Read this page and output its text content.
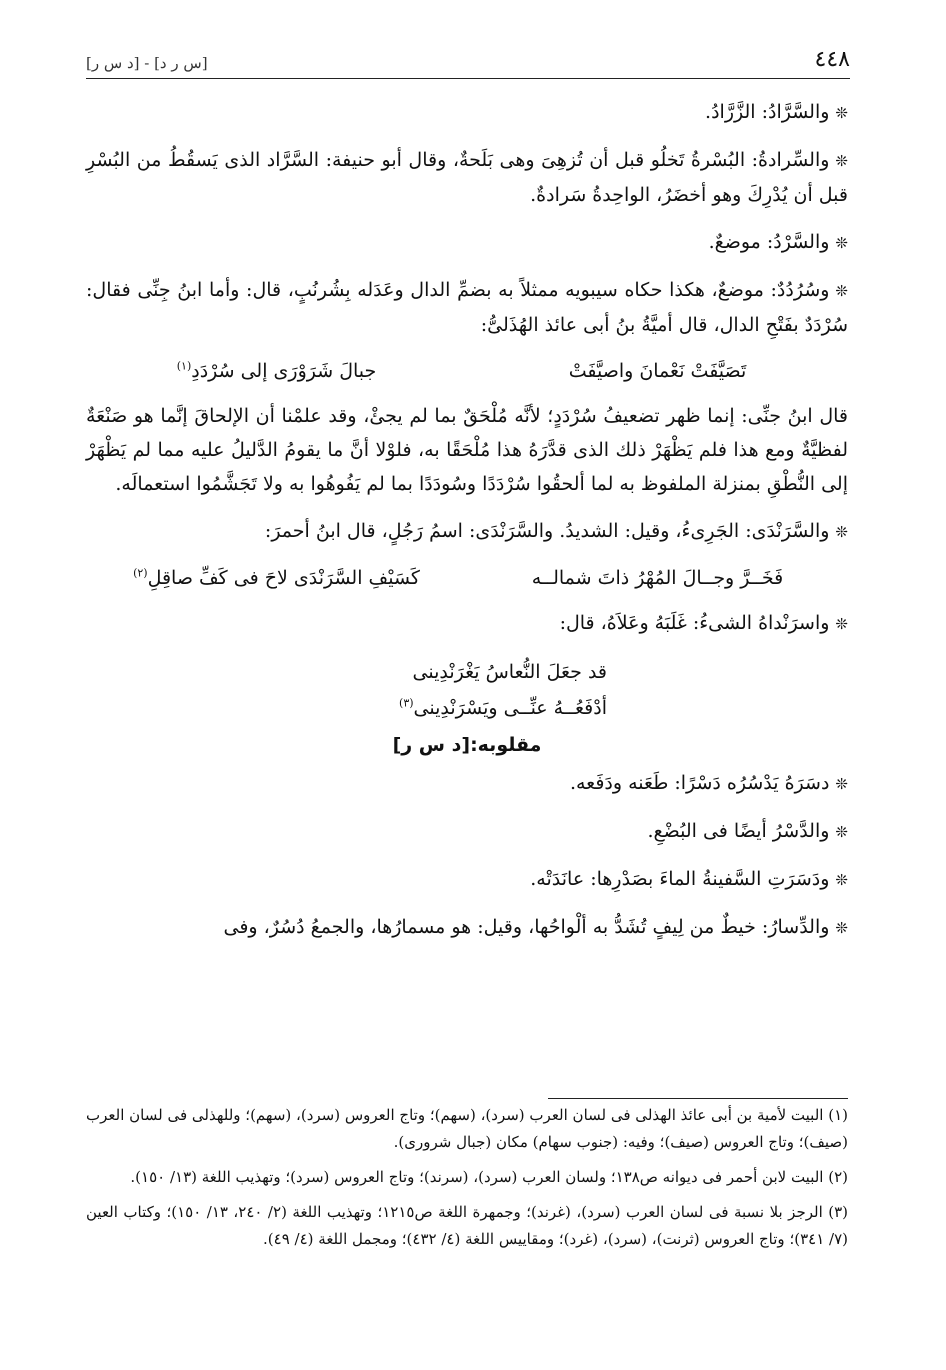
٤٤٨
[س ر د] - [د س ر]

❊والسَّرَّادُ: الزَّرَّادُ.

❊والسِّرادةُ: البُسْرةُ تَخلُو قبل أن تُزهِىَ وهى بَلَحةٌ، وقال أبو حنيفة: السَّرَّاد الذى يَسقُطُ من البُسْرِ قبل أن يُدْرِكَ وهو أخضَرُ، الواحِدةُ سَرادةٌ.

❊والسَّرْدُ: موضعٌ.

❊وسُرُدُدٌ: موضعٌ، هكذا حكاه سيبويه ممثلاً به بضمِّ الدال وعَدَله بِشُرنُبٍ، قال: وأما ابنُ جِنِّى فقال: سُرْدَدٌ بفَتْحِ الدال، قال أميَّةُ بنُ أبى عائذ الهُذَلىُّ:

تَصَيَّفَتْ نَعْمانَ واصيَّفَتْ
جبالَ شَرَوْرَى إلى سُرْدَدِ$^{(١)}$

قال ابنُ جنِّى: إنما ظهر تضعيفُ سُرْدَدٍ؛ لأنَّه مُلْحَقٌ بما لم يجئْ، وقد علمْنا أن الإلحاقَ إنَّما هو صَنْعَةٌ لفظيَّةٌ ومع هذا فلم يَظْهَرْ ذلك الذى قدَّرَهُ هذا مُلْحَقًا به، فلوْلا أنَّ ما يقومُ الدَّليلُ عليه مما لم يَظْهَرْ إلى النُّطْقِ بمنزلة الملفوظ به لما ألحقُوا سُرْدَدًا وسُودَدًا بما لم يَفُوهُوا به ولا تَجَشَّمُوا استعمالَه.

❊والسَّرَنْدَى: الجَرِىءُ، وقيل: الشديدُ. والسَّرَنْدَى: اسمُ رَجُلٍ، قال ابنُ أحمرَ:

فَخَــرَّ وجــالَ المُهْرُ ذاتَ شمالــه
كَسَيْفِ السَّرَنْدَى لاحَ فى كَفِّ صاقِلِ$^{(٢)}$

❊واسرَنْداهُ الشىءُ: غَلَبَهُ وعَلاَهُ، قال:

قد جعَلَ النُّعاسُ يَغْرَنْدِينى
أدْفَعُــهُ عنِّــى ويَسْرَنْدِينى$^{(٣)}$
مقلوبه:[د س ر]

❊دسَرَهُ يَدْسُرُه دَسْرًا: طَعَنه ودَفَعه.

❊والدَّسْرُ أيضًا فى البُضْعِ.

❊ودَسَرَتِ السَّفينةُ الماءَ بصَدْرِها: عانَدَتْه.

❊والدِّسارُ: خيطٌ من لِيفٍ تُشَدُّ به ألْواحُها، وقيل: هو مسمارُها، والجمعُ دُسُرٌ، وفى

(١) البيت لأمية بن أبى عائذ الهذلى فى لسان العرب (سرد)، (سهم)؛ وتاج العروس (سرد)، (سهم)؛ وللهذلى فى لسان العرب (صيف)؛ وتاج العروس (صيف)؛ وفيه: (جنوب سهام) مكان (جبال شرورى).

(٢) البيت لابن أحمر فى ديوانه ص١٣٨؛ ولسان العرب (سرد)، (سرند)؛ وتاج العروس (سرد)؛ وتهذيب اللغة (١٣/ ١٥٠).

(٣) الرجز بلا نسبة فى لسان العرب (سرد)، (غرند)؛ وجمهرة اللغة ص١٢١٥؛ وتهذيب اللغة (٢/ ٢٤٠، ١٣/ ١٥٠)؛ وكتاب العين (٧/ ٣٤١)؛ وتاج العروس (ثرنت)، (سرد)، (غرد)؛ ومقاييس اللغة (٤/ ٤٣٢)؛ ومجمل اللغة (٤/ ٤٩).
